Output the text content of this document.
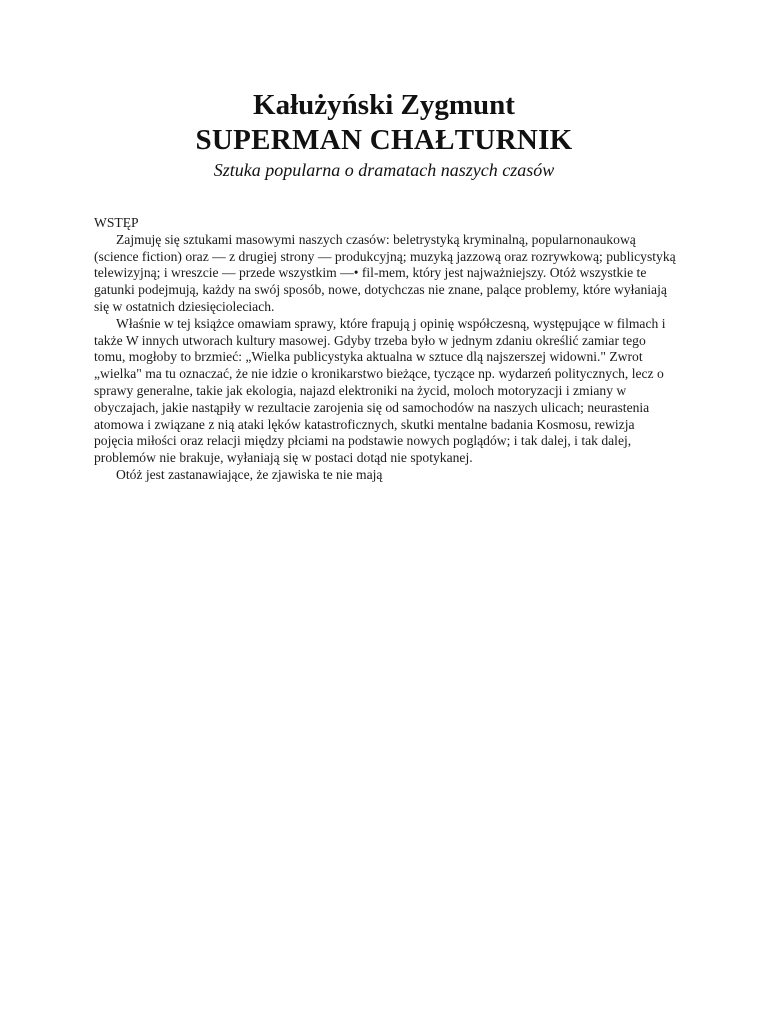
Kałużyński Zygmunt
SUPERMAN CHAŁTURNIK

Sztuka popularna o dramatach naszych czasów

WSTĘP

Zajmuję się sztukami masowymi naszych czasów: beletrystyką kryminalną, popularnonaukową (science fiction) oraz — z drugiej strony — produkcyjną; muzyką jazzową oraz rozrywkową; publicystyką telewizyjną; i wreszcie — przede wszystkim —• fil-mem, który jest najważniejszy. Otóż wszystkie te gatunki podejmują, każdy na swój sposób, nowe, dotychczas nie znane, palące problemy, które wyłaniają się w ostatnich dziesięcioleciach.

Właśnie w tej książce omawiam sprawy, które frapują j opinię współczesną, występujące w filmach i także W innych utworach kultury masowej. Gdyby trzeba było w jednym zdaniu określić zamiar tego tomu, mogłoby to brzmieć: „Wielka publicystyka aktualna w sztuce dlą najszerszej widowni." Zwrot „wielka" ma tu oznaczać, że nie idzie o kronikarstwo bieżące, tyczące np. wydarzeń politycznych, lecz o sprawy generalne, takie jak ekologia, najazd elektroniki na życid, moloch motoryzacji i zmiany w obyczajach, jakie nastąpiły w rezultacie zarojenia się od samochodów na naszych ulicach; neurastenia atomowa i związane z nią ataki lęków katastroficznych, skutki mentalne badania Kosmosu, rewizja pojęcia miłości oraz relacji między płciami na podstawie nowych poglądów; i tak dalej, i tak dalej, problemów nie brakuje, wyłaniają się w postaci dotąd nie spotykanej.

Otóż jest zastanawiające, że zjawiska te nie mają
